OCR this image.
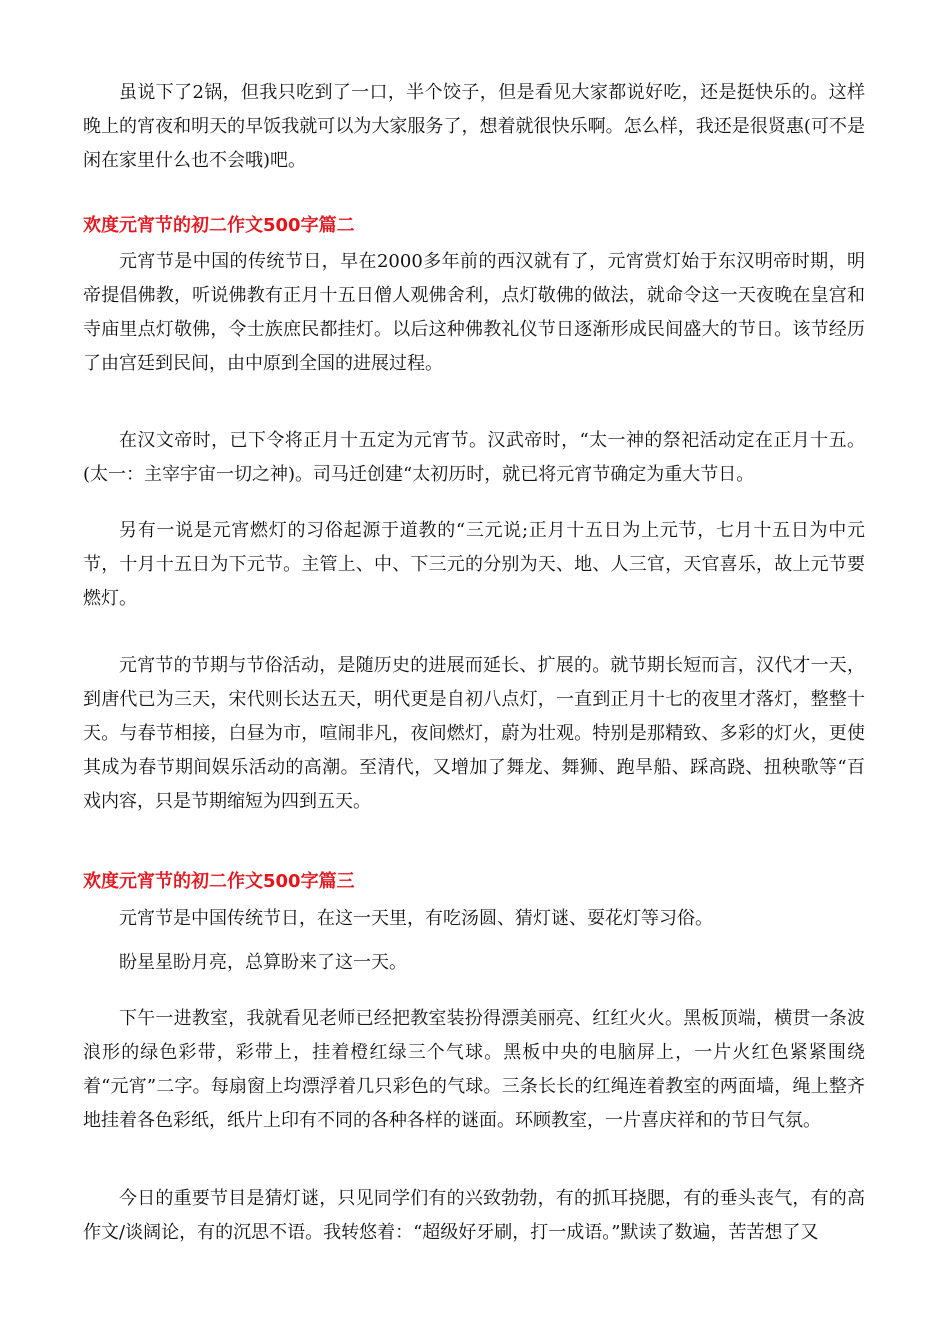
虽说下了2锅，但我只吃到了一口，半个饺子，但是看见大家都说好吃，还是挺快乐的。这样晚上的宵夜和明天的早饭我就可以为大家服务了，想着就很快乐啊。怎么样，我还是很贤惠(可不是闲在家里什么也不会哦)吧。

欢度元宵节的初二作文500字篇二

元宵节是中国的传统节日，早在2000多年前的西汉就有了，元宵赏灯始于东汉明帝时期，明帝提倡佛教，听说佛教有正月十五日僧人观佛舍利，点灯敬佛的做法，就命令这一天夜晚在皇宫和寺庙里点灯敬佛，令士族庶民都挂灯。以后这种佛教礼仪节日逐渐形成民间盛大的节日。该节经历了由宫廷到民间，由中原到全国的进展过程。

在汉文帝时，已下令将正月十五定为元宵节。汉武帝时，“太一神的祭祀活动定在正月十五。(太一：主宰宇宙一切之神)。司马迁创建“太初历时，就已将元宵节确定为重大节日。

另有一说是元宵燃灯的习俗起源于道教的“三元说;正月十五日为上元节，七月十五日为中元节，十月十五日为下元节。主管上、中、下三元的分别为天、地、人三官，天官喜乐，故上元节要燃灯。

元宵节的节期与节俗活动，是随历史的进展而延长、扩展的。就节期长短而言，汉代才一天，到唐代已为三天，宋代则长达五天，明代更是自初八点灯，一直到正月十七的夜里才落灯，整整十天。与春节相接，白昼为市，喧闹非凡，夜间燃灯，蔚为壮观。特别是那精致、多彩的灯火，更使其成为春节期间娱乐活动的高潮。至清代，又增加了舞龙、舞狮、跑旱船、踩高跷、扭秧歌等“百戏内容，只是节期缩短为四到五天。

欢度元宵节的初二作文500字篇三

元宵节是中国传统节日，在这一天里，有吃汤圆、猜灯谜、耍花灯等习俗。

盼星星盼月亮，总算盼来了这一天。

下午一进教室，我就看见老师已经把教室装扮得漂美丽亮、红红火火。黑板顶端，横贯一条波浪形的绿色彩带，彩带上，挂着橙红绿三个气球。黑板中央的电脑屏上，一片火红色紧紧围绕着“元宵”二字。每扇窗上均漂浮着几只彩色的气球。三条长长的红绳连着教室的两面墙，绳上整齐地挂着各色彩纸，纸片上印有不同的各种各样的谜面。环顾教室，一片喜庆祥和的节日气氛。

今日的重要节目是猜灯谜，只见同学们有的兴致勃勃，有的抓耳挠腮，有的垂头丧气，有的高作文/谈阔论，有的沉思不语。我转悠着：“超级好牙刷，打一成语。”默读了数遍，苦苦想了又
